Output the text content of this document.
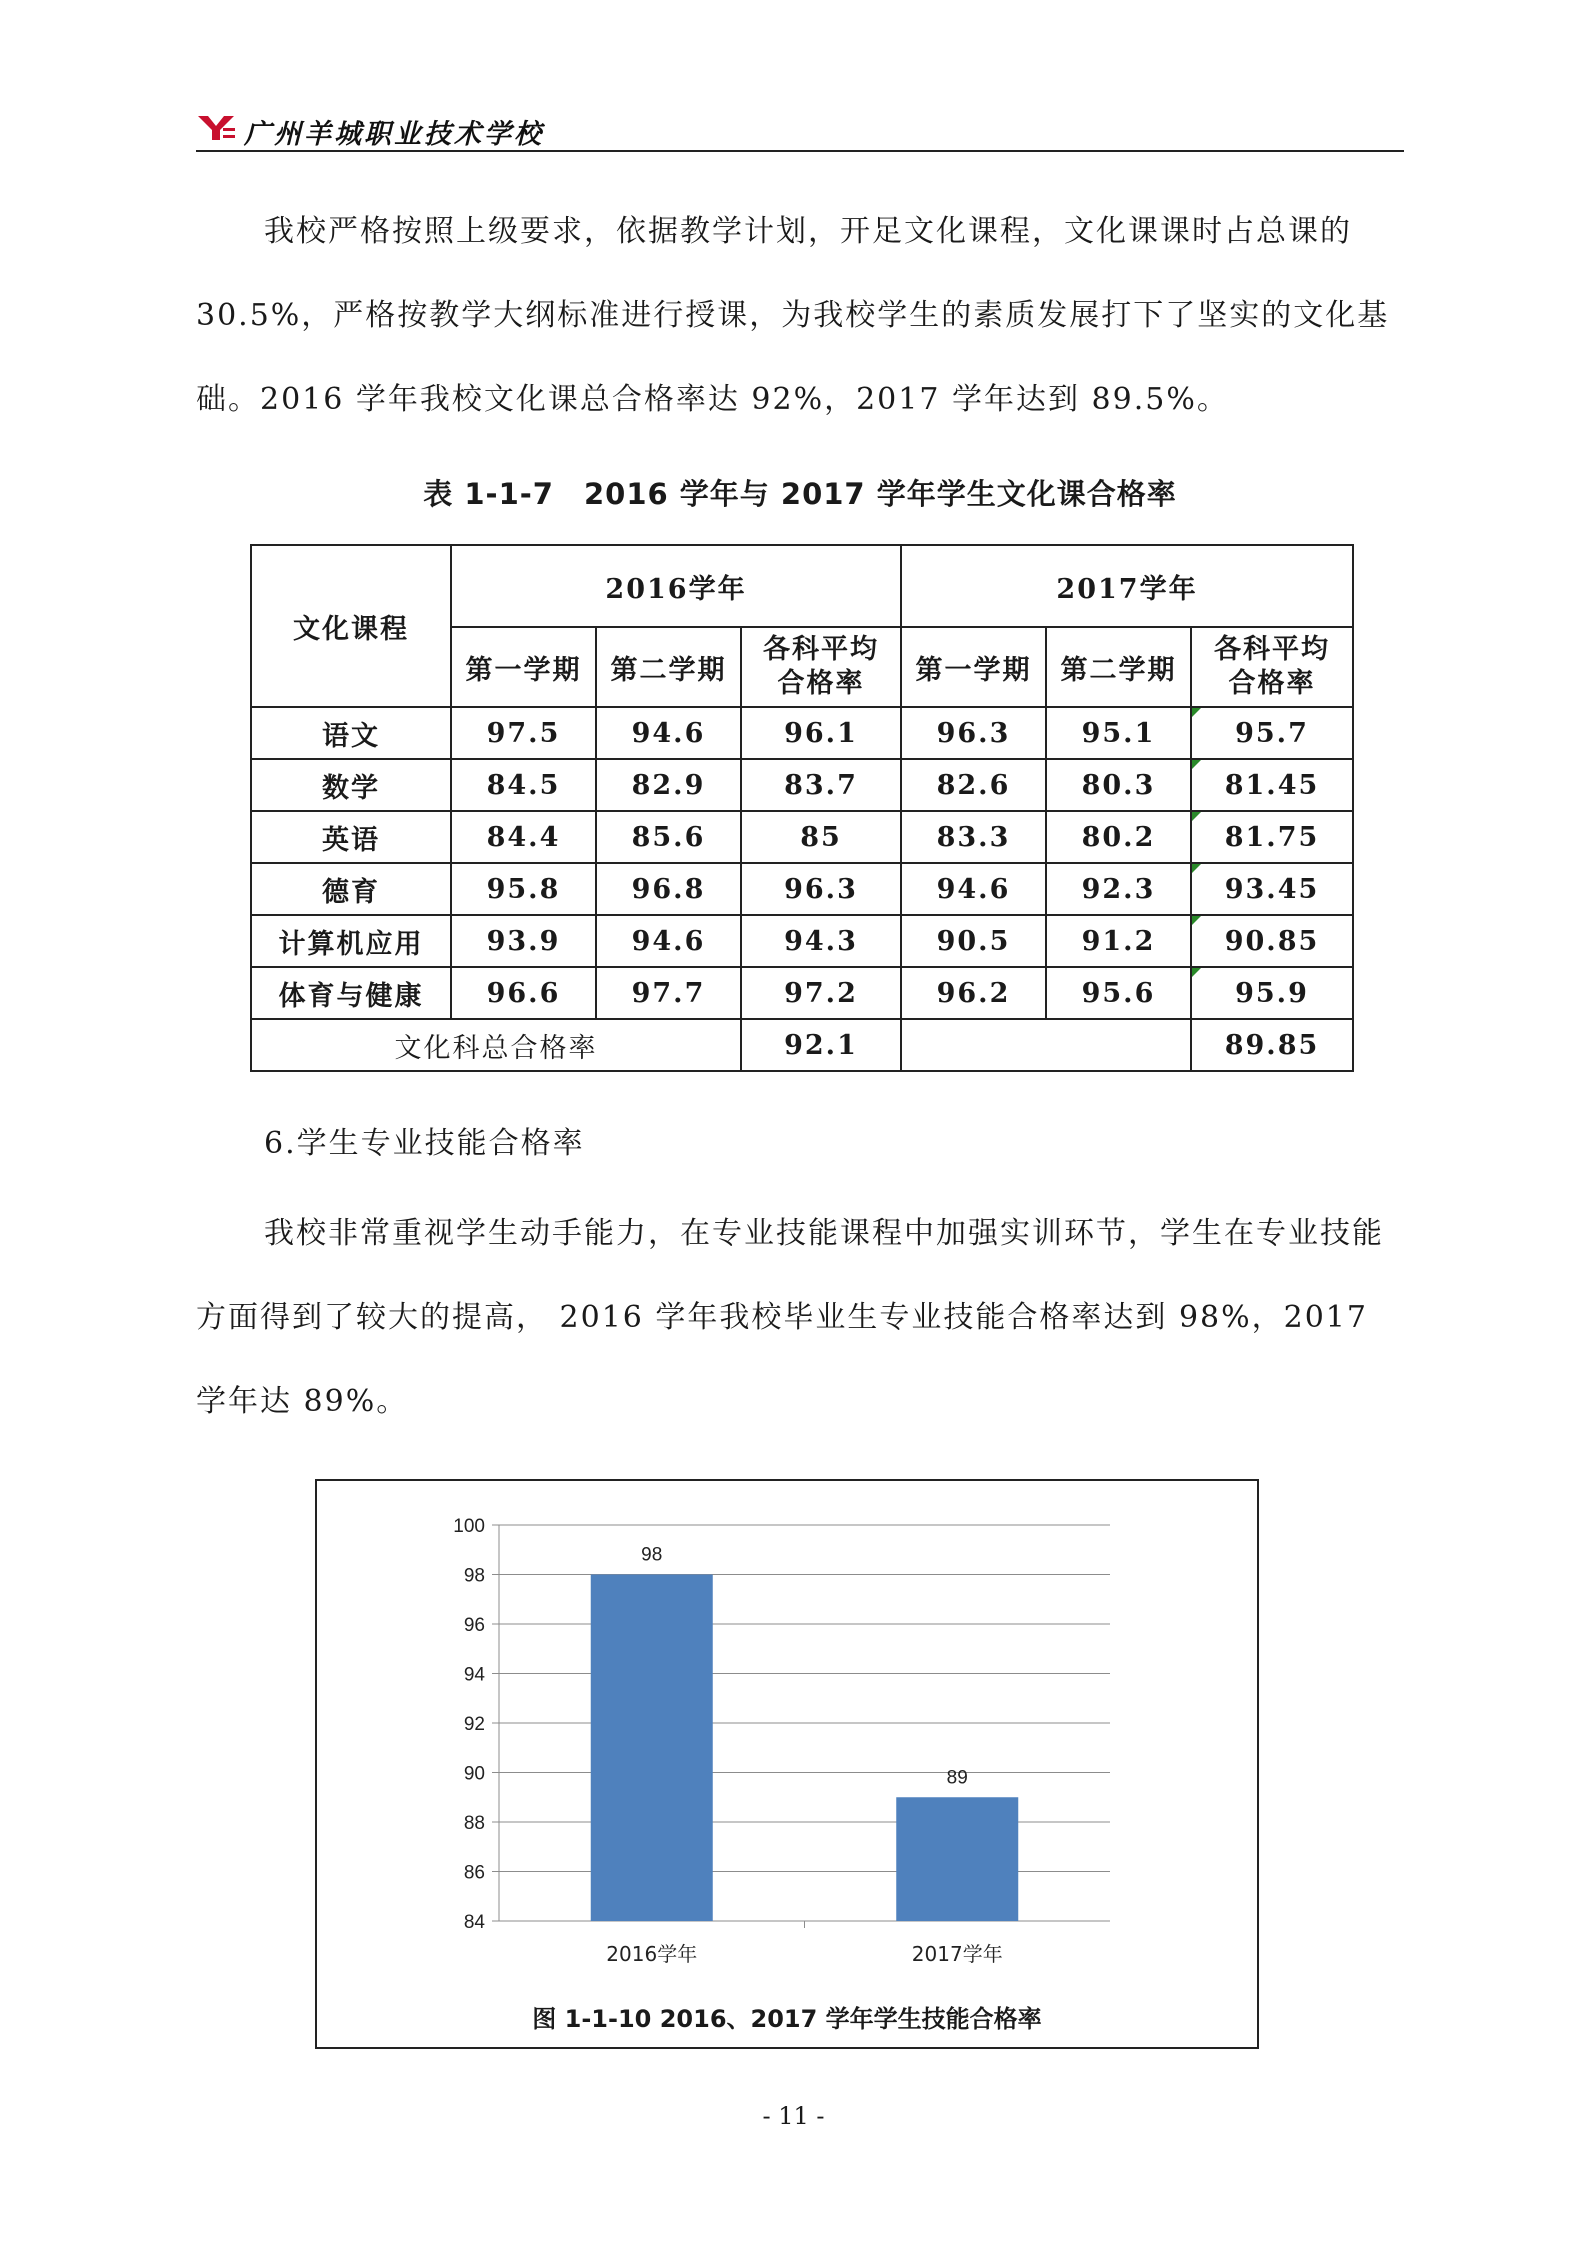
广州羊城职业技术学校

我校严格按照上级要求，依据教学计划，开足文化课程，文化课课时占总课的 30.5%，严格按教学大纲标准进行授课，为我校学生的素质发展打下了坚实的文化基础。2016 学年我校文化课总合格率达 92%，2017 学年达到 89.5%。

表 1-1-7　2016 学年与 2017 学年学生文化课合格率
文化课程	2016学年			2017学年		
	第一学期	第二学期	各科平均合格率	第一学期	第二学期	各科平均合格率
语文	97.5	94.6	96.1	96.3	95.1	95.7
数学	84.5	82.9	83.7	82.6	80.3	81.45
英语	84.4	85.6	85	83.3	80.2	81.75
德育	95.8	96.8	96.3	94.6	92.3	93.45
计算机应用	93.9	94.6	94.3	90.5	91.2	90.85
体育与健康	96.6	97.7	97.2	96.2	95.6	95.9
文化科总合格率			92.1			89.85

6.学生专业技能合格率

我校非常重视学生动手能力，在专业技能课程中加强实训环节，学生在专业技能方面得到了较大的提高， 2016 学年我校毕业生专业技能合格率达到 98%，2017 学年达 89%。

84
86
88
90
92
94
96
98
100
98
2016学年
89
2017学年
图 1-1-10 2016、2017 学年学生技能合格率
- 11 -
